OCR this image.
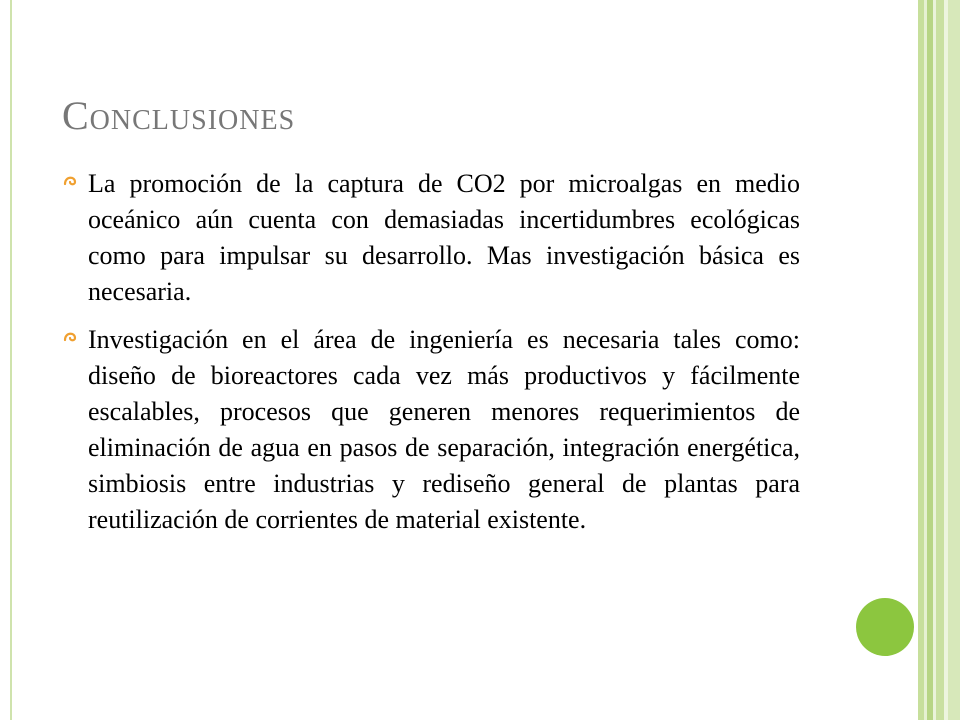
Conclusiones
La promoción de la captura de CO2 por microalgas en medio oceánico aún cuenta con demasiadas incertidumbres ecológicas como para impulsar su desarrollo. Mas investigación básica es necesaria.
Investigación en el área de ingeniería es necesaria tales como: diseño de bioreactores cada vez más productivos y fácilmente escalables, procesos que generen menores requerimientos de eliminación de agua en pasos de separación, integración energética, simbiosis entre industrias y rediseño general de plantas para reutilización de corrientes de material existente.
